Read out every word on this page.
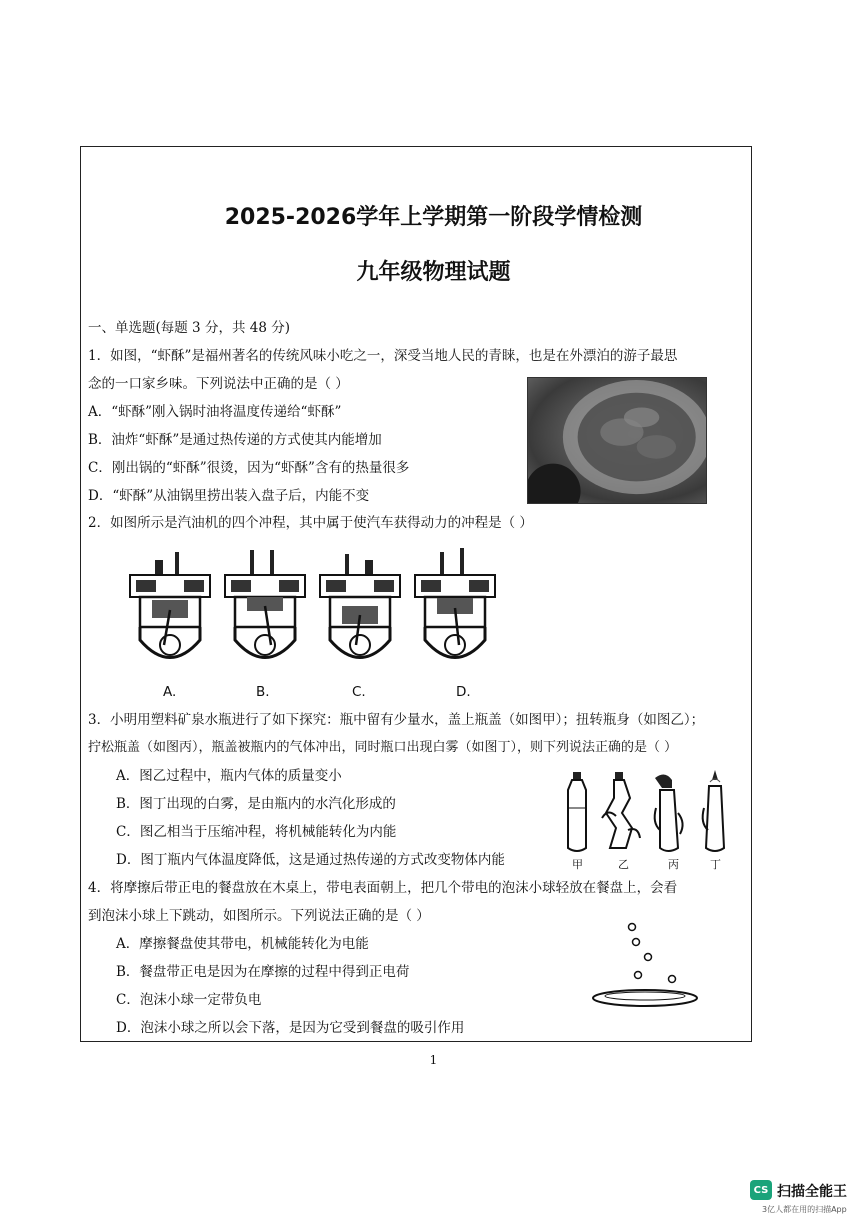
2025-2026学年上学期第一阶段学情检测
九年级物理试题
一、单选题(每题 3 分，共 48 分)
1．如图，“虾酥”是福州著名的传统风味小吃之一，深受当地人民的青睐，也是在外漂泊的游子最思
念的一口家乡味。下列说法中正确的是（ ）
A．“虾酥”刚入锅时油将温度传递给“虾酥”
B．油炸“虾酥”是通过热传递的方式使其内能增加
C．刚出锅的“虾酥”很烫，因为“虾酥”含有的热量很多
D．“虾酥”从油锅里捞出装入盘子后，内能不变
2．如图所示是汽油机的四个冲程，其中属于使汽车获得动力的冲程是（ ）
A.	B.	C.	D.
3．小明用塑料矿泉水瓶进行了如下探究：瓶中留有少量水，盖上瓶盖（如图甲）；扭转瓶身（如图乙）；
拧松瓶盖（如图丙），瓶盖被瓶内的气体冲出，同时瓶口出现白雾（如图丁），则下列说法正确的是（ ）
A．图乙过程中，瓶内气体的质量变小
B．图丁出现的白雾，是由瓶内的水汽化形成的
C．图乙相当于压缩冲程，将机械能转化为内能
D．图丁瓶内气体温度降低，这是通过热传递的方式改变物体内能	甲	乙	丙	丁
4．将摩擦后带正电的餐盘放在木桌上，带电表面朝上，把几个带电的泡沫小球轻放在餐盘上，会看
到泡沫小球上下跳动，如图所示。下列说法正确的是（ ）
A．摩擦餐盘使其带电，机械能转化为电能
B．餐盘带正电是因为在摩擦的过程中得到正电荷
C．泡沫小球一定带负电
D．泡沫小球之所以会下落，是因为它受到餐盘的吸引作用
1
CS 扫描全能王
3亿人都在用的扫描App
